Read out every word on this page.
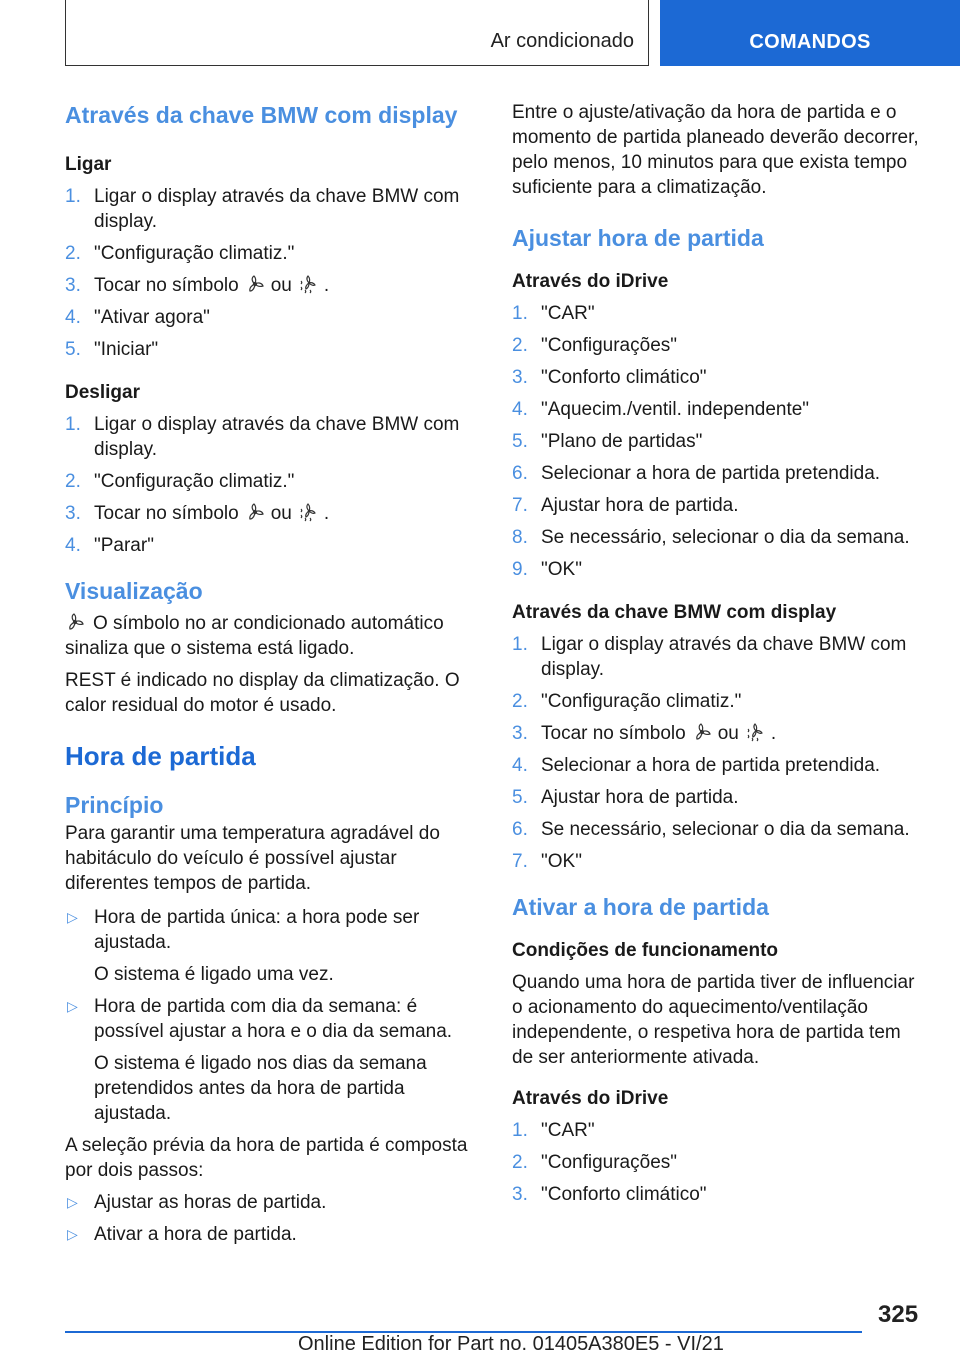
Ar condicionado	COMANDOS
Através da chave BMW com display
Ligar
1. Ligar o display através da chave BMW com display.
2. "Configuração climatiz."
3. Tocar no símbolo ou .
4. "Ativar agora"
5. "Iniciar"
Desligar
1. Ligar o display através da chave BMW com display.
2. "Configuração climatiz."
3. Tocar no símbolo ou .
4. "Parar"
Visualização

O símbolo no ar condicionado automático sinaliza que o sistema está ligado.

REST é indicado no display da climatização. O calor residual do motor é usado.

Hora de partida
Princípio

Para garantir uma temperatura agradável do habitáculo do veículo é possível ajustar diferentes tempos de partida.

▷ Hora de partida única: a hora pode ser ajustada.

O sistema é ligado uma vez.

▷ Hora de partida com dia da semana: é possível ajustar a hora e o dia da semana.

O sistema é ligado nos dias da semana pretendidos antes da hora de partida ajustada.

A seleção prévia da hora de partida é composta por dois passos:

▷ Ajustar as horas de partida.
▷ Ativar a hora de partida.

Entre o ajuste/ativação da hora de partida e o momento de partida planeado deverão decorrer, pelo menos, 10 minutos para que exista tempo suficiente para a climatização.

Ajustar hora de partida
Através do iDrive
1. "CAR"
2. "Configurações"
3. "Conforto climático"
4. "Aquecim./ventil. independente"
5. "Plano de partidas"
6. Selecionar a hora de partida pretendida.
7. Ajustar hora de partida.
8. Se necessário, selecionar o dia da semana.
9. "OK"
Através da chave BMW com display
1. Ligar o display através da chave BMW com display.
2. "Configuração climatiz."
3. Tocar no símbolo ou .
4. Selecionar a hora de partida pretendida.
5. Ajustar hora de partida.
6. Se necessário, selecionar o dia da semana.
7. "OK"
Ativar a hora de partida
Condições de funcionamento

Quando uma hora de partida tiver de influenciar o acionamento do aquecimento/ventilação independente, o respetiva hora de partida tem de ser anteriormente ativada.

Através do iDrive
1. "CAR"
2. "Configurações"
3. "Conforto climático"
325
Online Edition for Part no. 01405A380E5 - VI/21
